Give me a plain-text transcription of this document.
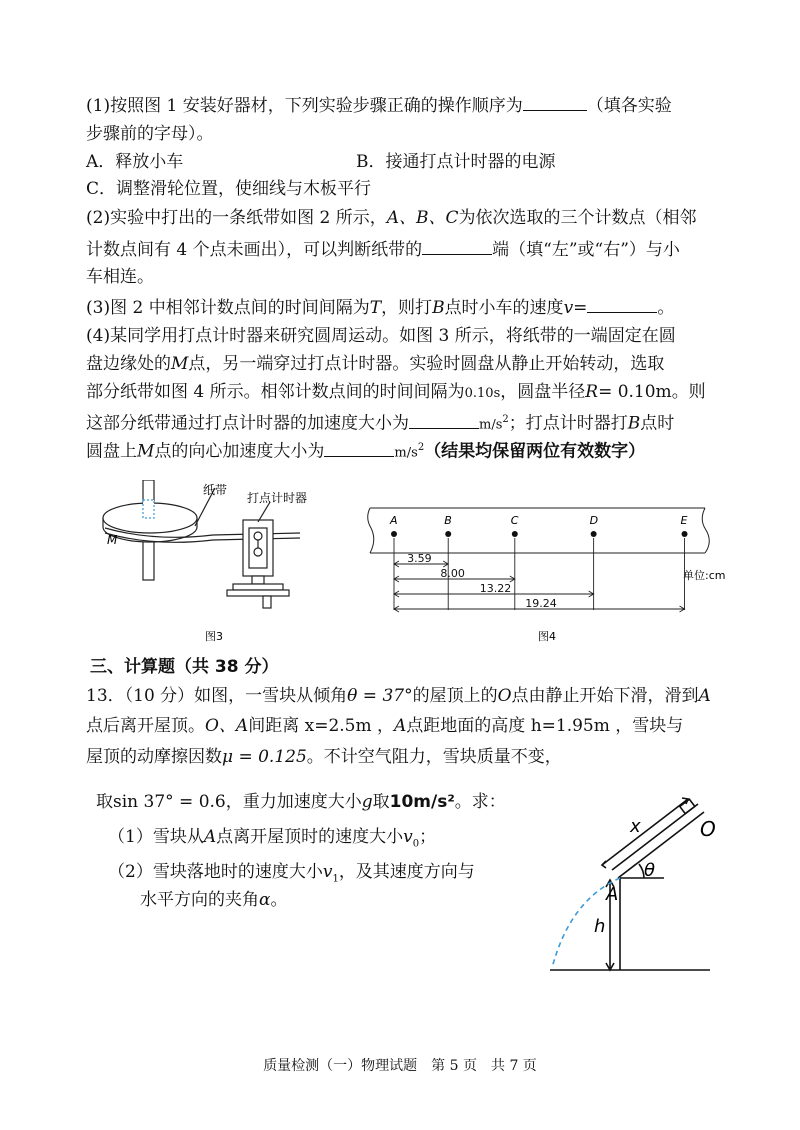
(1)按照图 1 安装好器材，下列实验步骤正确的操作顺序为	（填各实验
步骤前的字母）。
A．释放小车	B．接通打点计时器的电源
C．调整滑轮位置，使细线与木板平行
(2)实验中打出的一条纸带如图 2 所示，A、B、C为依次选取的三个计数点（相邻
计数点间有 4 个点未画出），可以判断纸带的	端（填“左”或“右”）与小
车相连。
(3)图 2 中相邻计数点间的时间间隔为T，则打B点时小车的速度v=	。
(4)某同学用打点计时器来研究圆周运动。如图 3 所示，将纸带的一端固定在圆
盘边缘处的M点，另一端穿过打点计时器。实验时圆盘从静止开始转动，选取
部分纸带如图 4 所示。相邻计数点间的时间间隔为0.10s，圆盘半径R= 0.10m。则
这部分纸带通过打点计时器的加速度大小为	$m/s^2$；打点计时器打B点时
圆盘上M点的向心加速度大小为	$m/s^2$（结果均保留两位有效数字）
纸带
打点计时器
M
图3
A	B	C	D	E
3.59
8.00
13.22
19.24
单位:cm
图4
三、计算题（共 38 分）
13．（10 分）如图，一雪块从倾角θ = 37°的屋顶上的O点由静止开始下滑，滑到A
点后离开屋顶。O、A间距离 x=2.5m ，A点距地面的高度 h=1.95m ，雪块与
屋顶的动摩擦因数μ = 0.125。不计空气阻力，雪块质量不变，
取sin 37° = 0.6，重力加速度大小g取10m/s²。求：
（1）雪块从A点离开屋顶时的速度大小$v_0$；
（2）雪块落地时的速度大小$v_1$，及其速度方向与
水平方向的夹角α。
x	O
θ
A
h
质量检测（一）物理试题　第 5 页　共 7 页
